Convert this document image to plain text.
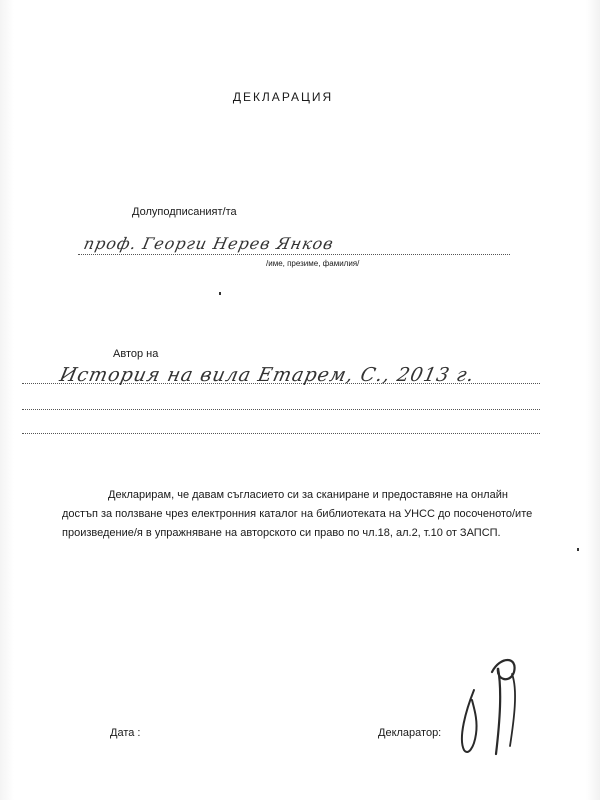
ДЕКЛАРАЦИЯ
Долуподписаният/та
проф. Георги Нерев Янков
/име, презиме, фамилия/
Автор на
История на вила Етарем, С., 2013 г.

Декларирам, че давам съгласието си за сканиране и предоставяне на онлайн достъп за ползване чрез електронния каталог на библиотеката на УНСС до посоченото/ите произведение/я в упражняване на авторското си право по чл.18, ал.2, т.10 от ЗАПСП.

Дата :	Декларатор:
